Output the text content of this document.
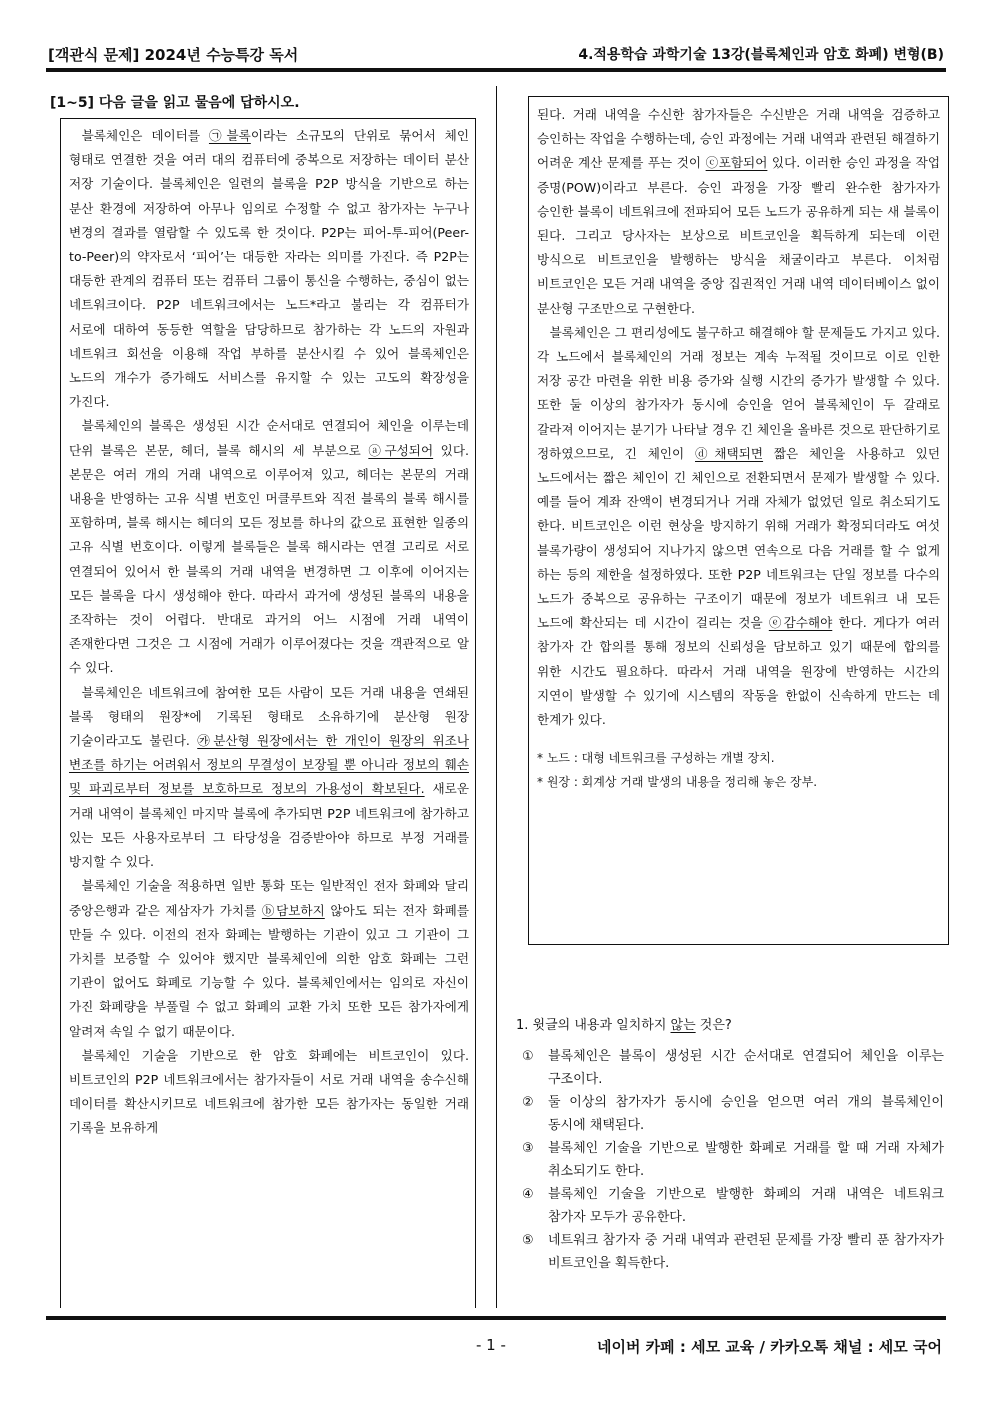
[객관식 문제] 2024년 수능특강 독서	4.적용학습 과학기술 13강(블록체인과 암호 화폐) 변형(B)
[1~5] 다음 글을 읽고 물음에 답하시오.

블록체인은 데이터를 ㉠블록이라는 소규모의 단위로 묶어서 체인 형태로 연결한 것을 여러 대의 컴퓨터에 중복으로 저장하는 데이터 분산 저장 기술이다. 블록체인은 일련의 블록을 P2P 방식을 기반으로 하는 분산 환경에 저장하여 아무나 임의로 수정할 수 없고 참가자는 누구나 변경의 결과를 열람할 수 있도록 한 것이다. P2P는 피어-투-피어(Peer-to-Peer)의 약자로서 ‘피어’는 대등한 자라는 의미를 가진다. 즉 P2P는 대등한 관계의 컴퓨터 또는 컴퓨터 그룹이 통신을 수행하는, 중심이 없는 네트워크이다. P2P 네트워크에서는 노드*라고 불리는 각 컴퓨터가 서로에 대하여 동등한 역할을 담당하므로 참가하는 각 노드의 자원과 네트워크 회선을 이용해 작업 부하를 분산시킬 수 있어 블록체인은 노드의 개수가 증가해도 서비스를 유지할 수 있는 고도의 확장성을 가진다.

블록체인의 블록은 생성된 시간 순서대로 연결되어 체인을 이루는데 단위 블록은 본문, 헤더, 블록 해시의 세 부분으로 ⓐ구성되어 있다. 본문은 여러 개의 거래 내역으로 이루어져 있고, 헤더는 본문의 거래 내용을 반영하는 고유 식별 번호인 머클루트와 직전 블록의 블록 해시를 포함하며, 블록 해시는 헤더의 모든 정보를 하나의 값으로 표현한 일종의 고유 식별 번호이다. 이렇게 블록들은 블록 해시라는 연결 고리로 서로 연결되어 있어서 한 블록의 거래 내역을 변경하면 그 이후에 이어지는 모든 블록을 다시 생성해야 한다. 따라서 과거에 생성된 블록의 내용을 조작하는 것이 어렵다. 반대로 과거의 어느 시점에 거래 내역이 존재한다면 그것은 그 시점에 거래가 이루어졌다는 것을 객관적으로 알 수 있다.

블록체인은 네트워크에 참여한 모든 사람이 모든 거래 내용을 연쇄된 블록 형태의 원장*에 기록된 형태로 소유하기에 분산형 원장 기술이라고도 불린다. ㉮분산형 원장에서는 한 개인이 원장의 위조나 변조를 하기는 어려워서 정보의 무결성이 보장될 뿐 아니라 정보의 훼손 및 파괴로부터 정보를 보호하므로 정보의 가용성이 확보된다. 새로운 거래 내역이 블록체인 마지막 블록에 추가되면 P2P 네트워크에 참가하고 있는 모든 사용자로부터 그 타당성을 검증받아야 하므로 부정 거래를 방지할 수 있다.

블록체인 기술을 적용하면 일반 통화 또는 일반적인 전자 화폐와 달리 중앙은행과 같은 제삼자가 가치를 ⓑ담보하지 않아도 되는 전자 화폐를 만들 수 있다. 이전의 전자 화폐는 발행하는 기관이 있고 그 기관이 그 가치를 보증할 수 있어야 했지만 블록체인에 의한 암호 화폐는 그런 기관이 없어도 화폐로 기능할 수 있다. 블록체인에서는 임의로 자신이 가진 화폐량을 부풀릴 수 없고 화폐의 교환 가치 또한 모든 참가자에게 알려져 속일 수 없기 때문이다.

블록체인 기술을 기반으로 한 암호 화폐에는 비트코인이 있다. 비트코인의 P2P 네트워크에서는 참가자들이 서로 거래 내역을 송수신해 데이터를 확산시키므로 네트워크에 참가한 모든 참가자는 동일한 거래 기록을 보유하게

된다. 거래 내역을 수신한 참가자들은 수신받은 거래 내역을 검증하고 승인하는 작업을 수행하는데, 승인 과정에는 거래 내역과 관련된 해결하기 어려운 계산 문제를 푸는 것이 ⓒ포함되어 있다. 이러한 승인 과정을 작업 증명(POW)이라고 부른다. 승인 과정을 가장 빨리 완수한 참가자가 승인한 블록이 네트워크에 전파되어 모든 노드가 공유하게 되는 새 블록이 된다. 그리고 당사자는 보상으로 비트코인을 획득하게 되는데 이런 방식으로 비트코인을 발행하는 방식을 채굴이라고 부른다. 이처럼 비트코인은 모든 거래 내역을 중앙 집권적인 거래 내역 데이터베이스 없이 분산형 구조만으로 구현한다.

블록체인은 그 편리성에도 불구하고 해결해야 할 문제들도 가지고 있다. 각 노드에서 블록체인의 거래 정보는 계속 누적될 것이므로 이로 인한 저장 공간 마련을 위한 비용 증가와 실행 시간의 증가가 발생할 수 있다. 또한 둘 이상의 참가자가 동시에 승인을 얻어 블록체인이 두 갈래로 갈라져 이어지는 분기가 나타날 경우 긴 체인을 올바른 것으로 판단하기로 정하였으므로, 긴 체인이 ⓓ채택되면 짧은 체인을 사용하고 있던 노드에서는 짧은 체인이 긴 체인으로 전환되면서 문제가 발생할 수 있다. 예를 들어 계좌 잔액이 변경되거나 거래 자체가 없었던 일로 취소되기도 한다. 비트코인은 이런 현상을 방지하기 위해 거래가 확정되더라도 여섯 블록가량이 생성되어 지나가지 않으면 연속으로 다음 거래를 할 수 없게 하는 등의 제한을 설정하였다. 또한 P2P 네트워크는 단일 정보를 다수의 노드가 중복으로 공유하는 구조이기 때문에 정보가 네트워크 내 모든 노드에 확산되는 데 시간이 걸리는 것을 ⓔ감수해야 한다. 게다가 여러 참가자 간 합의를 통해 정보의 신뢰성을 담보하고 있기 때문에 합의를 위한 시간도 필요하다. 따라서 거래 내역을 원장에 반영하는 시간의 지연이 발생할 수 있기에 시스템의 작동을 한없이 신속하게 만드는 데 한계가 있다.

* 노드 : 대형 네트워크를 구성하는 개별 장치.
* 원장 : 회계상 거래 발생의 내용을 정리해 놓은 장부.
1. 윗글의 내용과 일치하지 않는 것은?
①	블록체인은 블록이 생성된 시간 순서대로 연결되어 체인을 이루는 구조이다.
②	둘 이상의 참가자가 동시에 승인을 얻으면 여러 개의 블록체인이 동시에 채택된다.
③	블록체인 기술을 기반으로 발행한 화폐로 거래를 할 때 거래 자체가 취소되기도 한다.
④	블록체인 기술을 기반으로 발행한 화폐의 거래 내역은 네트워크 참가자 모두가 공유한다.
⑤	네트워크 참가자 중 거래 내역과 관련된 문제를 가장 빨리 푼 참가자가 비트코인을 획득한다.
- 1 -	네이버 카페 : 세모 교육 / 카카오톡 채널 : 세모 국어
